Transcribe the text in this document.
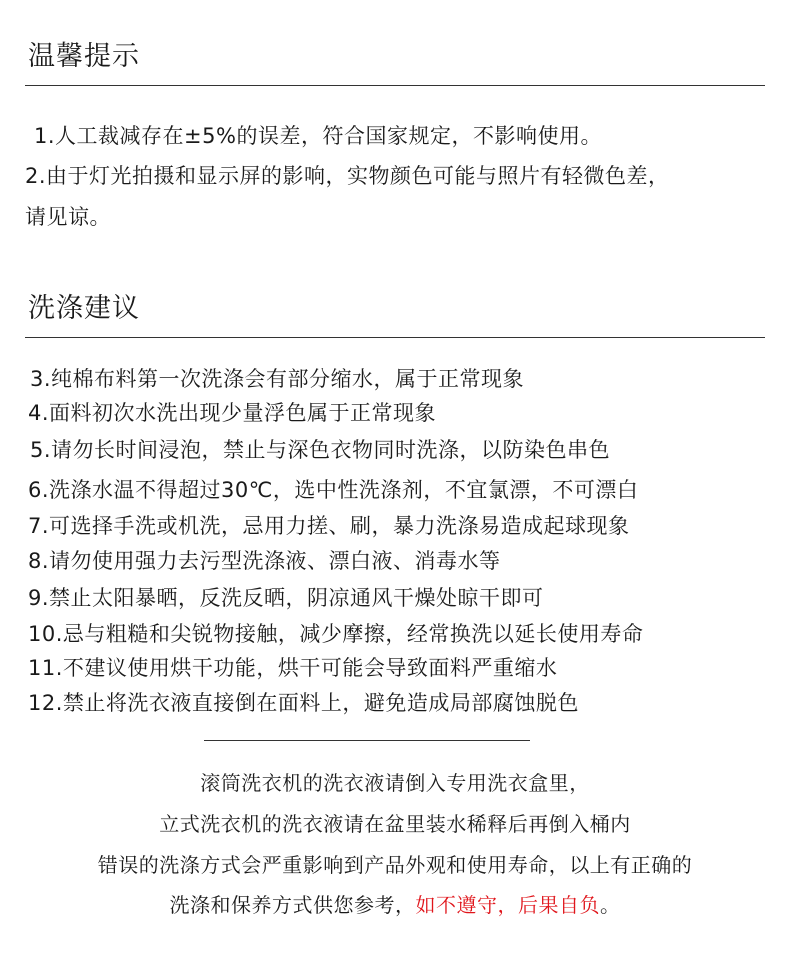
温馨提示
1.人工裁减存在±5%的误差，符合国家规定，不影响使用。
2.由于灯光拍摄和显示屏的影响，实物颜色可能与照片有轻微色差，
请见谅。
洗涤建议
3.纯棉布料第一次洗涤会有部分缩水，属于正常现象
4.面料初次水洗出现少量浮色属于正常现象
5.请勿长时间浸泡，禁止与深色衣物同时洗涤，以防染色串色
6.洗涤水温不得超过30℃，选中性洗涤剂，不宜氯漂，不可漂白
7.可选择手洗或机洗，忌用力搓、刷，暴力洗涤易造成起球现象
8.请勿使用强力去污型洗涤液、漂白液、消毒水等
9.禁止太阳暴晒，反洗反晒，阴凉通风干燥处晾干即可
10.忌与粗糙和尖锐物接触，减少摩擦，经常换洗以延长使用寿命
11.不建议使用烘干功能，烘干可能会导致面料严重缩水
12.禁止将洗衣液直接倒在面料上，避免造成局部腐蚀脱色
滚筒洗衣机的洗衣液请倒入专用洗衣盒里，
立式洗衣机的洗衣液请在盆里装水稀释后再倒入桶内
错误的洗涤方式会严重影响到产品外观和使用寿命，以上有正确的
洗涤和保养方式供您参考，如不遵守，后果自负。
